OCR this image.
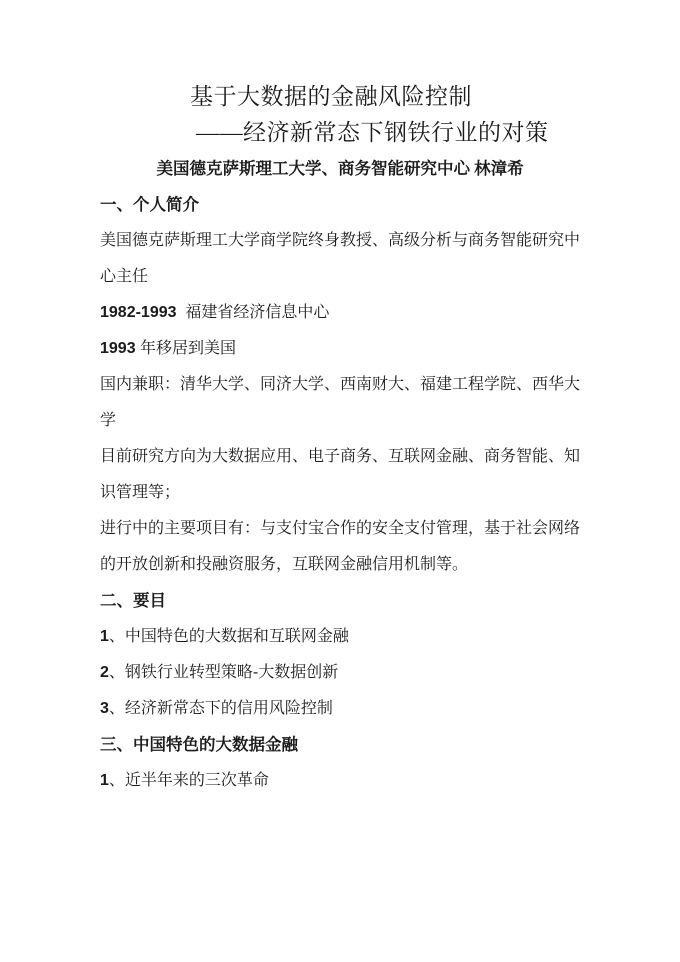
基于大数据的金融风险控制
——经济新常态下钢铁行业的对策
美国德克萨斯理工大学、商务智能研究中心 林漳希
一、个人简介
美国德克萨斯理工大学商学院终身教授、高级分析与商务智能研究中
心主任
1982-1993  福建省经济信息中心
1993 年移居到美国
国内兼职：清华大学、同济大学、西南财大、福建工程学院、西华大
学
目前研究方向为大数据应用、电子商务、互联网金融、商务智能、知
识管理等；
进行中的主要项目有：与支付宝合作的安全支付管理，基于社会网络
的开放创新和投融资服务，互联网金融信用机制等。
二、要目
1、中国特色的大数据和互联网金融
2、钢铁行业转型策略-大数据创新
3、经济新常态下的信用风险控制
三、中国特色的大数据金融
1、近半年来的三次革命
